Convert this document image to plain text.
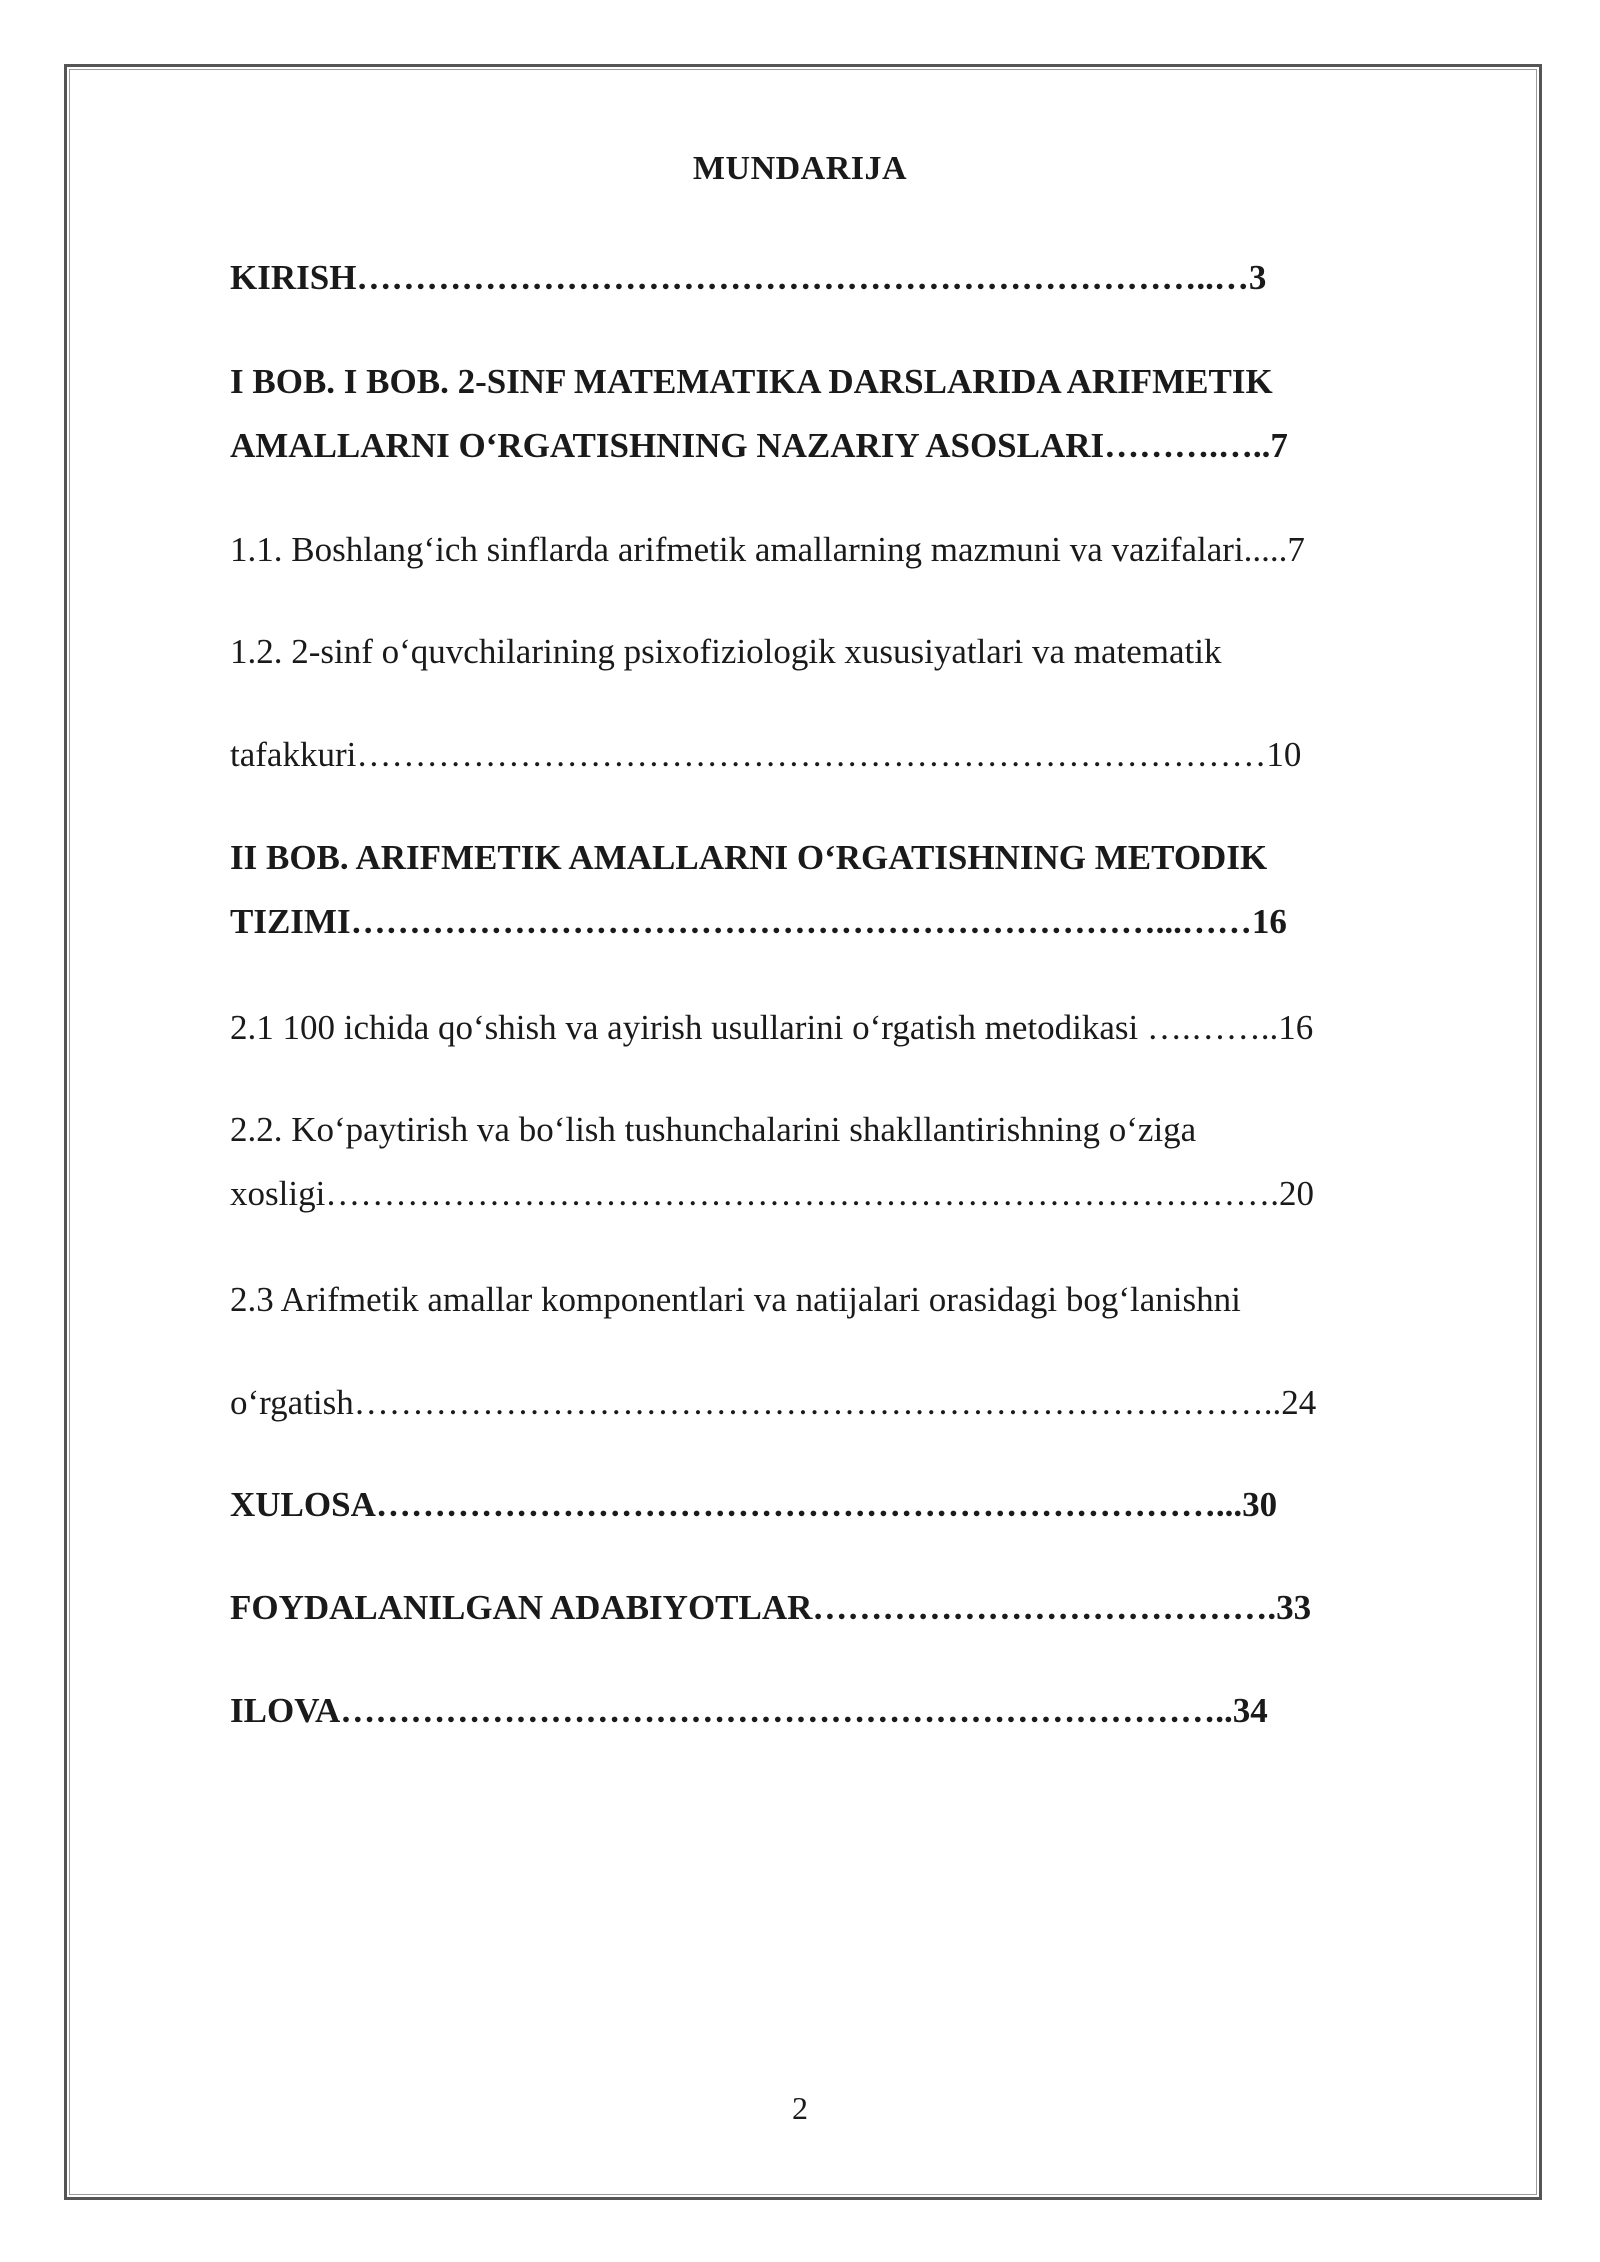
MUNDARIJA
KIRISH………………………………………………………………..…3
I BOB. I BOB. 2-SINF MATEMATIKA DARSLARIDA ARIFMETIK
AMALLARNI O‘RGATISHNING NAZARIY ASOSLARI……….…..7
1.1. Boshlang‘ich sinflarda arifmetik amallarning mazmuni va vazifalari.....7
1.2. 2-sinf o‘quvchilarining psixofiziologik xususiyatlari va matematik
tafakkuri……………………………………………………………………10
II BOB. ARIFMETIK AMALLARNI O‘RGATISHNING METODIK
TIZIMI……………………………………………………………...……16
2.1 100 ichida qo‘shish va ayirish usullarini o‘rgatish metodikasi ….……..16
2.2. Ko‘paytirish va bo‘lish tushunchalarini shakllantirishning o‘ziga
xosligi……………………………………………………………………….20
2.3 Arifmetik amallar komponentlari va natijalari orasidagi bog‘lanishni
o‘rgatish……………………………………………………………………..24
XULOSA………………………………………………………………...30
FOYDALANILGAN ADABIYOTLAR………………………………….33
ILOVA…………………………………………………………………..34
2
